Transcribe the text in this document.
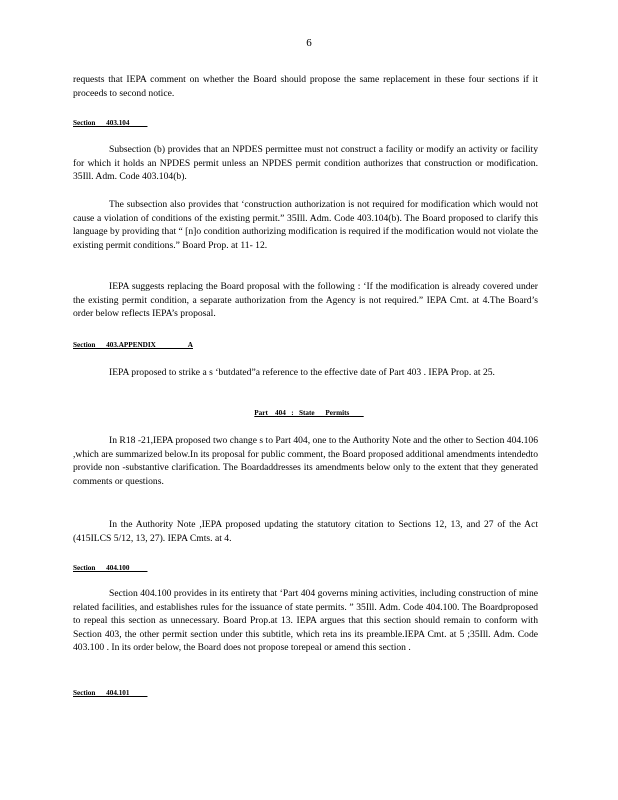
6

requests that IEPA comment on whether the Board should propose the same replacement in these four sections if it proceeds to second notice.

Section      403.104

Subsection (b) provides that an NPDES permittee must not construct a facility or modify an activity or facility for which it holds an NPDES permit unless an NPDES permit condition authorizes that construction or modification. 35Ill. Adm. Code 403.104(b).

The subsection also provides that ‘construction authorization is not required for modification which would not cause a violation of conditions of the existing permit.” 35Ill. Adm. Code 403.104(b). The Board proposed to clarify this language by providing that “ [n]o condition authorizing modification is required if the modification would not violate the existing permit conditions.” Board Prop. at 11- 12.

IEPA suggests replacing the Board proposal with the following : ‘If the modification is already covered under the existing permit condition, a separate authorization from the Agency is not required.” IEPA Cmt. at 4.The Board’s order below reflects IEPA’s proposal.

Section      403.APPENDIX                  A

IEPA proposed to strike a s ‘butdated”a reference to the effective date of Part 403 . IEPA Prop. at 25.

Part    404   :   State      Permits

In R18 -21,IEPA proposed two change s to Part 404, one to the Authority Note and the other to Section 404.106 ,which are summarized below.In its proposal for public comment, the Board proposed additional amendments intendedto provide non -substantive clarification. The Boardaddresses its amendments below only to the extent that they generated comments or questions.

In the Authority Note ,IEPA proposed updating the statutory citation to Sections 12, 13, and 27 of the Act (415ILCS 5/12, 13, 27). IEPA Cmts. at 4.

Section      404.100

Section 404.100 provides in its entirety that ‘Part 404 governs mining activities, including construction of mine related facilities, and establishes rules for the issuance of state permits. ” 35Ill. Adm. Code 404.100. The Boardproposed to repeal this section as unnecessary. Board Prop.at 13. IEPA argues that this section should remain to conform with Section 403, the other permit section under this subtitle, which reta ins its preamble.IEPA Cmt. at 5 ;35Ill. Adm. Code 403.100 . In its order below, the Board does not propose torepeal or amend this section .

Section      404.101
